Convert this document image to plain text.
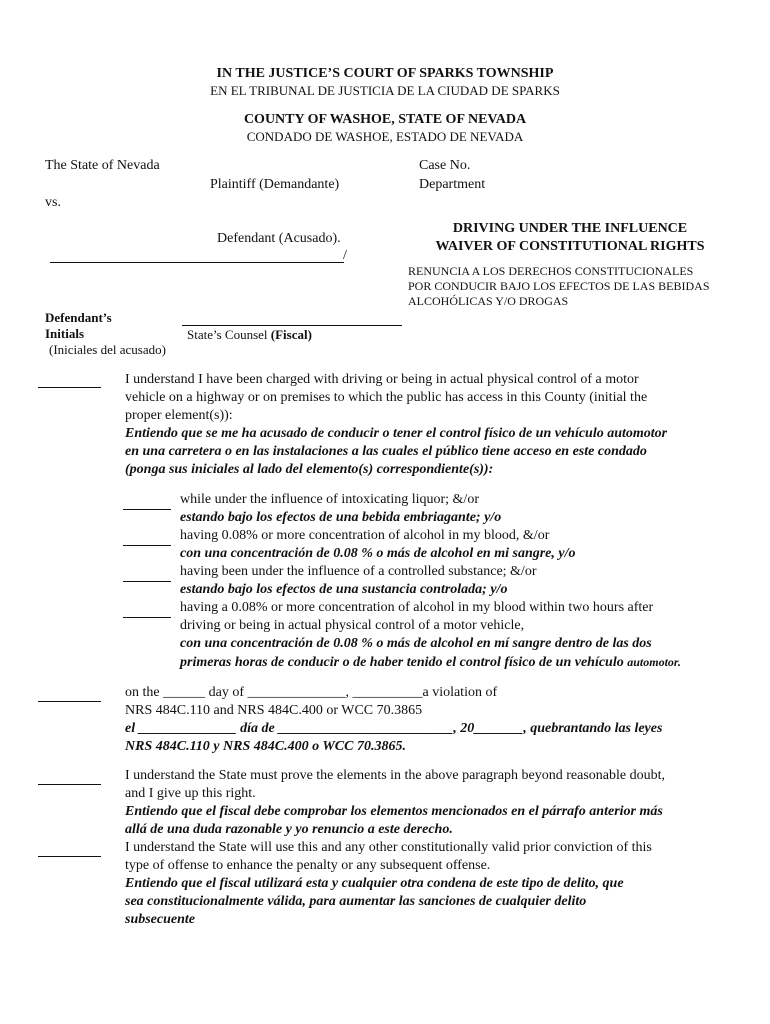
IN THE JUSTICE’S COURT OF SPARKS TOWNSHIP
EN EL TRIBUNAL DE JUSTICIA DE LA CIUDAD DE SPARKS
COUNTY OF WASHOE, STATE OF NEVADA
CONDADO DE WASHOE, ESTADO DE NEVADA
The State of Nevada
Plaintiff (Demandante)
vs.
Defendant (Acusado).
/
Case No.
Department
DRIVING UNDER THE INFLUENCE
WAIVER OF CONSTITUTIONAL RIGHTS
RENUNCIA A LOS DERECHOS CONSTITUCIONALES
POR CONDUCIR BAJO LOS EFECTOS DE LAS BEBIDAS
ALCOHÓLICAS Y/O DROGAS
Defendant’s
Initials
(Iniciales del acusado)
State’s Counsel (Fiscal)
I understand I have been charged with driving or being in actual physical control of a motor
vehicle on a highway or on premises to which the public has access in this County (initial the
proper element(s)):
Entiendo que se me ha acusado de conducir o tener el control físico de un vehículo automotor
en una carretera o en las instalaciones a las cuales el público tiene acceso en este condado
(ponga sus iniciales al lado del elemento(s) correspondiente(s)):
while under the influence of intoxicating liquor; &/or
estando bajo los efectos de una bebida embriagante; y/o
having 0.08% or more concentration of alcohol in my blood, &/or
con una concentración de 0.08 % o más de alcohol en mi sangre, y/o
having been under the influence of a controlled substance; &/or
estando bajo los efectos de una sustancia controlada; y/o
having a 0.08% or more concentration of alcohol in my blood within two hours after
driving or being in actual physical control of a motor vehicle,
con una concentración de 0.08 % o más de alcohol en mí sangre dentro de las dos
primeras horas de conducir o de haber tenido el control físico de un vehículo automotor.
on the ______ day of ______________, __________a violation of
NRS 484C.110 and NRS 484C.400 or WCC 70.3865
el ______________ día de _________________________, 20_______, quebrantando las leyes
NRS 484C.110 y NRS 484C.400 o WCC 70.3865.
I understand the State must prove the elements in the above paragraph beyond reasonable doubt,
and I give up this right.
Entiendo que el fiscal debe comprobar los elementos mencionados en el párrafo anterior más
allá de una duda razonable y yo renuncio a este derecho.
I understand the State will use this and any other constitutionally valid prior conviction of this
type of offense to enhance the penalty or any subsequent offense.
Entiendo que el fiscal utilizará esta y cualquier otra condena de este tipo de delito, que
sea constitucionalmente válida, para aumentar las sanciones de cualquier delito
subsecuente
